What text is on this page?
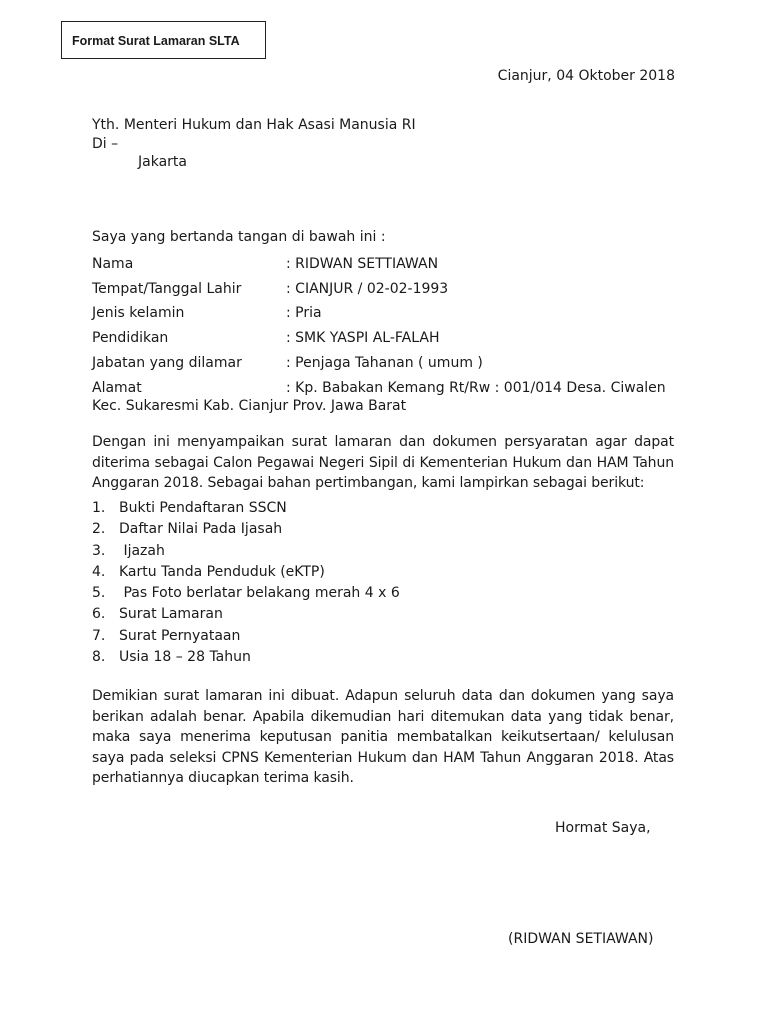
Format Surat Lamaran SLTA
Cianjur, 04 Oktober 2018
Yth. Menteri Hukum dan Hak Asasi Manusia RI
Di –
Jakarta
Saya yang bertanda tangan di bawah ini :
Nama	: RIDWAN SETTIAWAN
Tempat/Tanggal Lahir	: CIANJUR / 02-02-1993
Jenis kelamin	: Pria
Pendidikan	: SMK YASPI AL-FALAH
Jabatan yang dilamar	: Penjaga Tahanan ( umum )
Alamat	: Kp. Babakan Kemang Rt/Rw : 001/014 Desa. Ciwalen
Kec. Sukaresmi Kab. Cianjur Prov. Jawa Barat
Dengan ini menyampaikan surat lamaran dan dokumen persyaratan agar dapat diterima sebagai Calon Pegawai Negeri Sipil di Kementerian Hukum dan HAM Tahun Anggaran 2018. Sebagai bahan pertimbangan, kami lampirkan sebagai berikut:
1. Bukti Pendaftaran SSCN
2. Daftar Nilai Pada Ijasah
3. Ijazah
4. Kartu Tanda Penduduk (eKTP)
5. Pas Foto berlatar belakang merah 4 x 6
6. Surat Lamaran
7. Surat Pernyataan
8. Usia 18 – 28 Tahun
Demikian surat lamaran ini dibuat. Adapun seluruh data dan dokumen yang saya berikan adalah benar. Apabila dikemudian hari ditemukan data yang tidak benar, maka saya menerima keputusan panitia membatalkan keikutsertaan/ kelulusan saya pada seleksi CPNS Kementerian Hukum dan HAM Tahun Anggaran 2018. Atas perhatiannya diucapkan terima kasih.
Hormat Saya,
(RIDWAN SETIAWAN)
